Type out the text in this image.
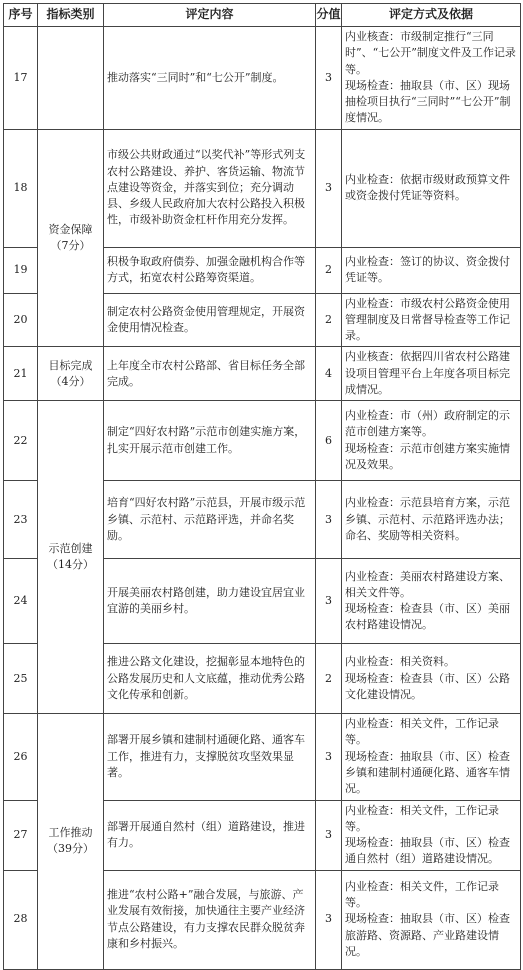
序号	指标类别	评定内容	分值	评定方式及依据
17		推动落实“三同时”和“七公开”制度。	3	内业核查：市级制定推行“三同时”、“七公开”制度文件及工作记录等。
现场检查：抽取县（市、区）现场抽检项目执行“三同时”“七公开”制度情况。

18	资金保障
（7分）	市级公共财政通过“以奖代补”等形式列支农村公路建设、养护、客货运输、物流节点建设等资金，并落实到位；充分调动县、乡级人民政府加大农村公路投入积极性，市级补助资金杠杆作用充分发挥。	3	内业检查：依据市级财政预算文件或资金拨付凭证等资料。

19		积极争取政府债券、加强金融机构合作等方式，拓宽农村公路筹资渠道。	2	内业检查：签订的协议、资金拨付凭证等。

20		制定农村公路资金使用管理规定，开展资金使用情况检查。	2	内业检查：市级农村公路资金使用管理制度及日常督导检查等工作记录。

21	目标完成
（4分）	上年度全市农村公路部、省目标任务全部完成。	4	内业核查：依据四川省农村公路建设项目管理平台上年度各项目标完成情况。

22	示范创建
（14分）	制定“四好农村路”示范市创建实施方案，扎实开展示范市创建工作。	6	内业检查：市（州）政府制定的示范市创建方案等。
现场检查：示范市创建方案实施情况及效果。

23		培育“四好农村路”示范县，开展市级示范乡镇、示范村、示范路评选，并命名奖励。	3	内业检查：示范县培育方案，示范乡镇、示范村、示范路评选办法；命名、奖励等相关资料。

24		开展美丽农村路创建，助力建设宜居宜业宜游的美丽乡村。	3	内业检查：美丽农村路建设方案、相关文件等。
现场检查：检查县（市、区）美丽农村路建设情况。

25		推进公路文化建设，挖掘彰显本地特色的公路发展历史和人文底蕴，推动优秀公路文化传承和创新。	2	内业检查：相关资料。
现场检查：检查县（市、区）公路文化建设情况。

26	工作推动
（39分）	部署开展乡镇和建制村通硬化路、通客车工作，推进有力，支撑脱贫攻坚效果显著。	3	内业检查：相关文件，工作记录等。
现场检查：抽取县（市、区）检查乡镇和建制村通硬化路、通客车情况。

27		部署开展通自然村（组）道路建设，推进有力。	3	内业检查：相关文件，工作记录等。
现场检查：抽取县（市、区）检查通自然村（组）道路建设情况。

28		推进“农村公路+”融合发展，与旅游、产业发展有效衔接，加快通往主要产业经济节点公路建设，有力支撑农民群众脱贫奔康和乡村振兴。	3	内业检查：相关文件，工作记录等。
现场检查：抽取县（市、区）检查旅游路、资源路、产业路建设情况。
